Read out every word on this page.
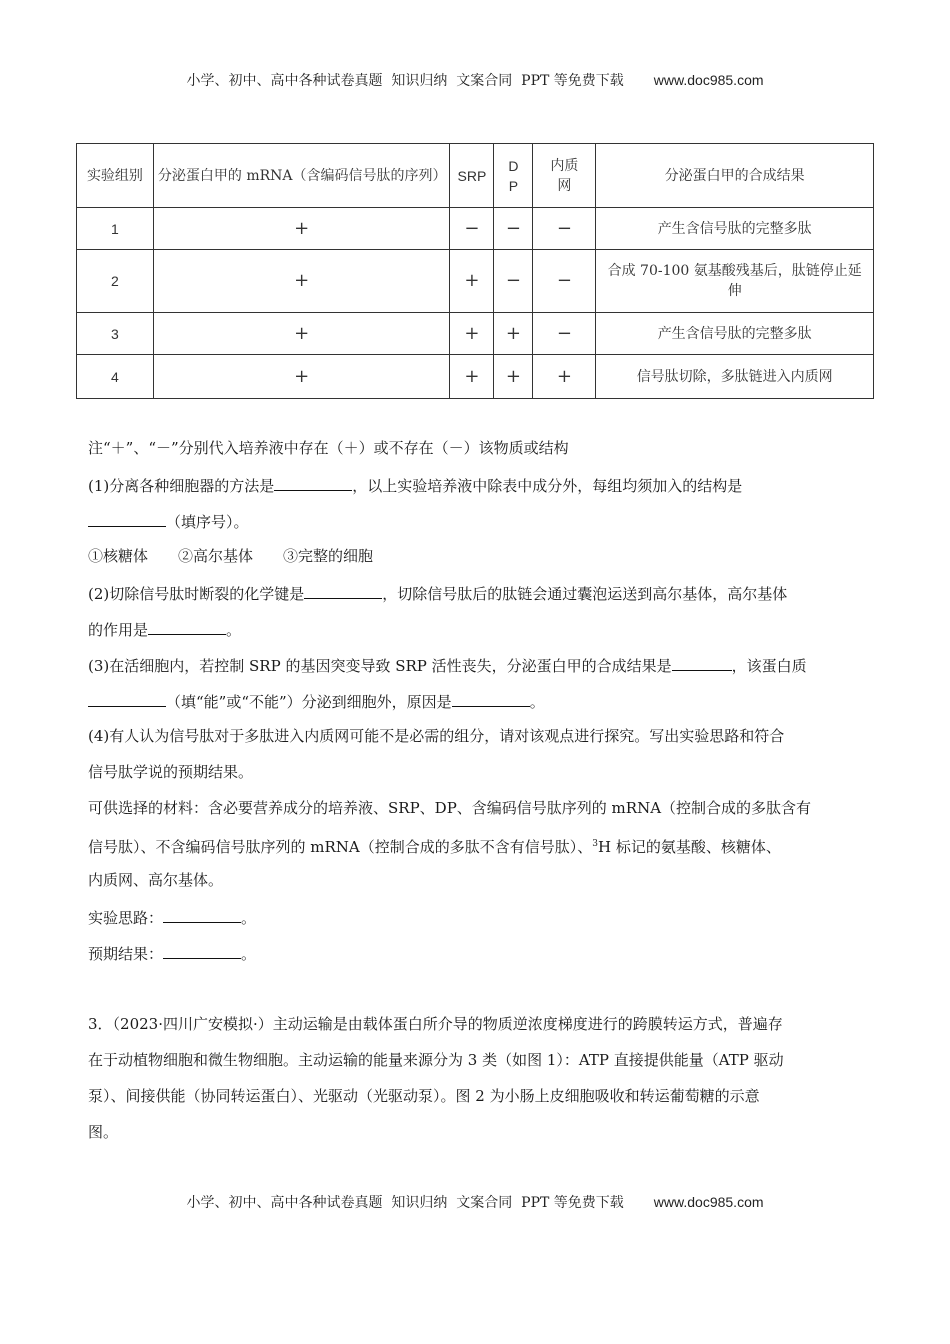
小学、初中、高中各种试卷真题  知识归纳  文案合同  PPT 等免费下载 www.doc985.com
实验组别	分泌蛋白甲的 mRNA（含编码信号肽的序列）	SRP	DP	内质网	分泌蛋白甲的合成结果
1	+	−	−	−	产生含信号肽的完整多肽
2	+	+	−	−	合成 70-100 氨基酸残基后，肽链停止延伸
3	+	+	+	−	产生含信号肽的完整多肽
4	+	+	+	+	信号肽切除，多肽链进入内质网
注“＋”、“－”分别代入培养液中存在（＋）或不存在（－）该物质或结构
(1)分离各种细胞器的方法是	，以上实验培养液中除表中成分外，每组均须加入的结构是
（填序号）。
①核糖体　　②高尔基体　　③完整的细胞
(2)切除信号肽时断裂的化学键是	，切除信号肽后的肽链会通过囊泡运送到高尔基体，高尔基体
的作用是	。
(3)在活细胞内，若控制 SRP 的基因突变导致 SRP 活性丧失，分泌蛋白甲的合成结果是	，该蛋白质
（填“能”或“不能”）分泌到细胞外，原因是	。
(4)有人认为信号肽对于多肽进入内质网可能不是必需的组分，请对该观点进行探究。写出实验思路和符合
信号肽学说的预期结果。
可供选择的材料：含必要营养成分的培养液、SRP、DP、含编码信号肽序列的 mRNA（控制合成的多肽含有
信号肽）、不含编码信号肽序列的 mRNA（控制合成的多肽不含有信号肽）、$^3$H 标记的氨基酸、核糖体、
内质网、高尔基体。
实验思路：	。
预期结果：	。
3．（2023·四川广安模拟·）主动运输是由载体蛋白所介导的物质逆浓度梯度进行的跨膜转运方式，普遍存
在于动植物细胞和微生物细胞。主动运输的能量来源分为 3 类（如图 1）：ATP 直接提供能量（ATP 驱动
泵）、间接供能（协同转运蛋白）、光驱动（光驱动泵）。图 2 为小肠上皮细胞吸收和转运葡萄糖的示意
图。
小学、初中、高中各种试卷真题  知识归纳  文案合同  PPT 等免费下载 www.doc985.com
